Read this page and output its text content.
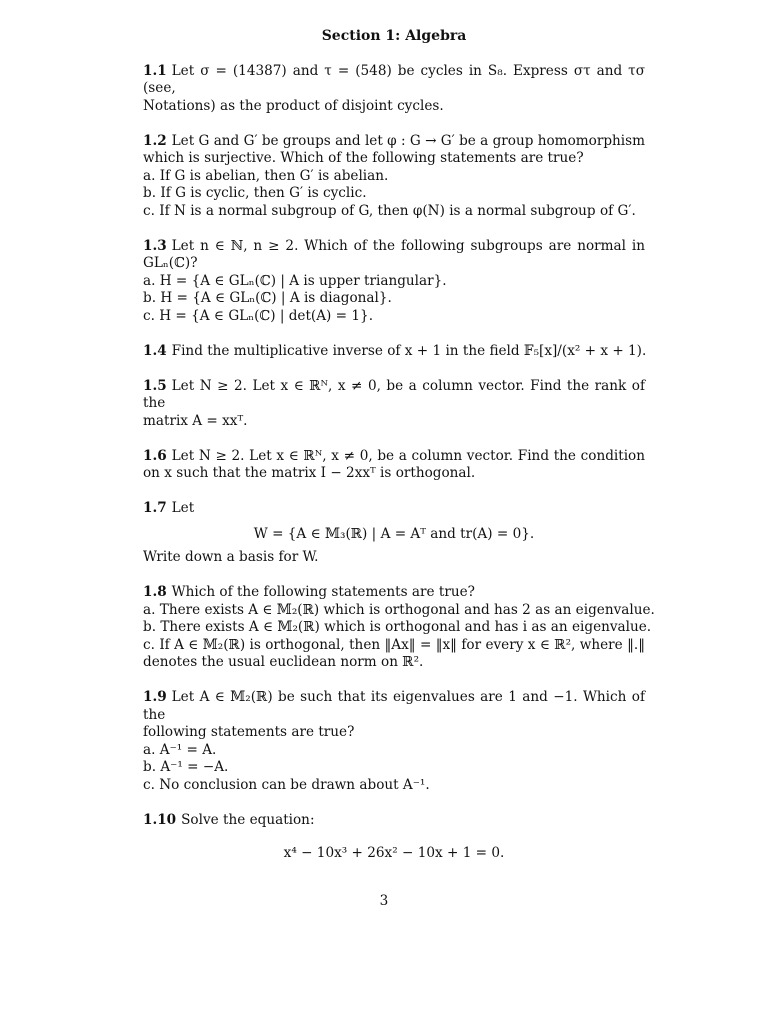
Section 1: Algebra
1.1 Let σ = (14387) and τ = (548) be cycles in S₈. Express στ and τσ (see,
Notations) as the product of disjoint cycles.
1.2 Let G and G′ be groups and let φ : G → G′ be a group homomorphism
which is surjective. Which of the following statements are true?
a. If G is abelian, then G′ is abelian.
b. If G is cyclic, then G′ is cyclic.
c. If N is a normal subgroup of G, then φ(N) is a normal subgroup of G′.
1.3 Let n ∈ ℕ, n ≥ 2. Which of the following subgroups are normal in
GLₙ(ℂ)?
a. H = {A ∈ GLₙ(ℂ) | A is upper triangular}.
b. H = {A ∈ GLₙ(ℂ) | A is diagonal}.
c. H = {A ∈ GLₙ(ℂ) | det(A) = 1}.
1.4 Find the multiplicative inverse of x + 1 in the field 𝔽₅[x]/(x² + x + 1).
1.5 Let N ≥ 2. Let x ∈ ℝᴺ, x ≠ 0, be a column vector. Find the rank of the
matrix A = xxᵀ.
1.6 Let N ≥ 2. Let x ∈ ℝᴺ, x ≠ 0, be a column vector. Find the condition
on x such that the matrix I − 2xxᵀ is orthogonal.
1.7 Let
W = {A ∈ 𝕄₃(ℝ) | A = Aᵀ and tr(A) = 0}.
Write down a basis for W.
1.8 Which of the following statements are true?
a. There exists A ∈ 𝕄₂(ℝ) which is orthogonal and has 2 as an eigenvalue.
b. There exists A ∈ 𝕄₂(ℝ) which is orthogonal and has i as an eigenvalue.
c. If A ∈ 𝕄₂(ℝ) is orthogonal, then ‖Ax‖ = ‖x‖ for every x ∈ ℝ², where ‖.‖
denotes the usual euclidean norm on ℝ².
1.9 Let A ∈ 𝕄₂(ℝ) be such that its eigenvalues are 1 and −1. Which of the
following statements are true?
a. A⁻¹ = A.
b. A⁻¹ = −A.
c. No conclusion can be drawn about A⁻¹.
1.10 Solve the equation:
x⁴ − 10x³ + 26x² − 10x + 1 = 0.
3
